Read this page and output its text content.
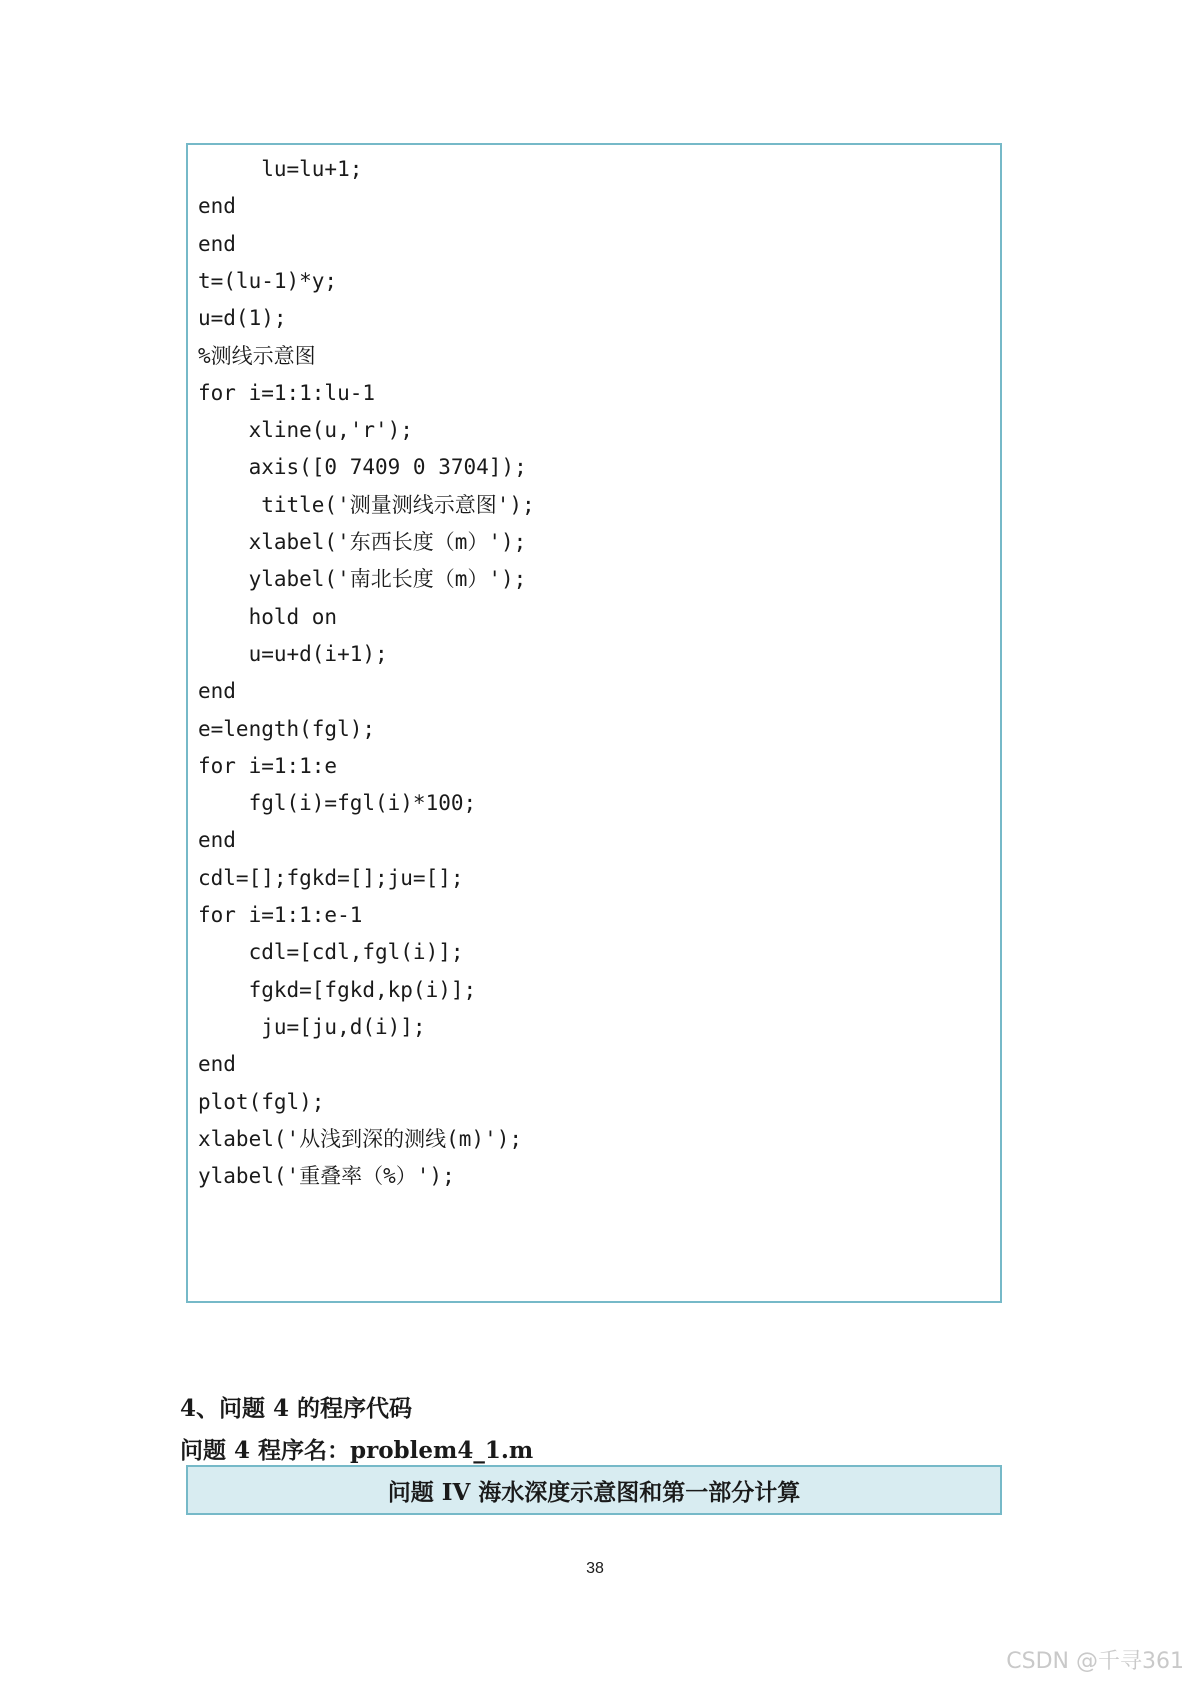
lu=lu+1;
end
end
t=(lu-1)*y;
u=d(1);
%测线示意图
for i=1:1:lu-1
xline(u,'r');
axis([0 7409 0 3704]);
title('测量测线示意图');
xlabel('东西长度（m）');
ylabel('南北长度（m）');
hold on
u=u+d(i+1);
end
e=length(fgl);
for i=1:1:e
fgl(i)=fgl(i)*100;
end
cdl=[];fgkd=[];ju=[];
for i=1:1:e-1
cdl=[cdl,fgl(i)];
fgkd=[fgkd,kp(i)];
ju=[ju,d(i)];
end
plot(fgl);
xlabel('从浅到深的测线(m)');
ylabel('重叠率（%）');
4、问题 4 的程序代码
问题 4 程序名：problem4_1.m
问题 IV 海水深度示意图和第一部分计算
38
CSDN @千寻361
